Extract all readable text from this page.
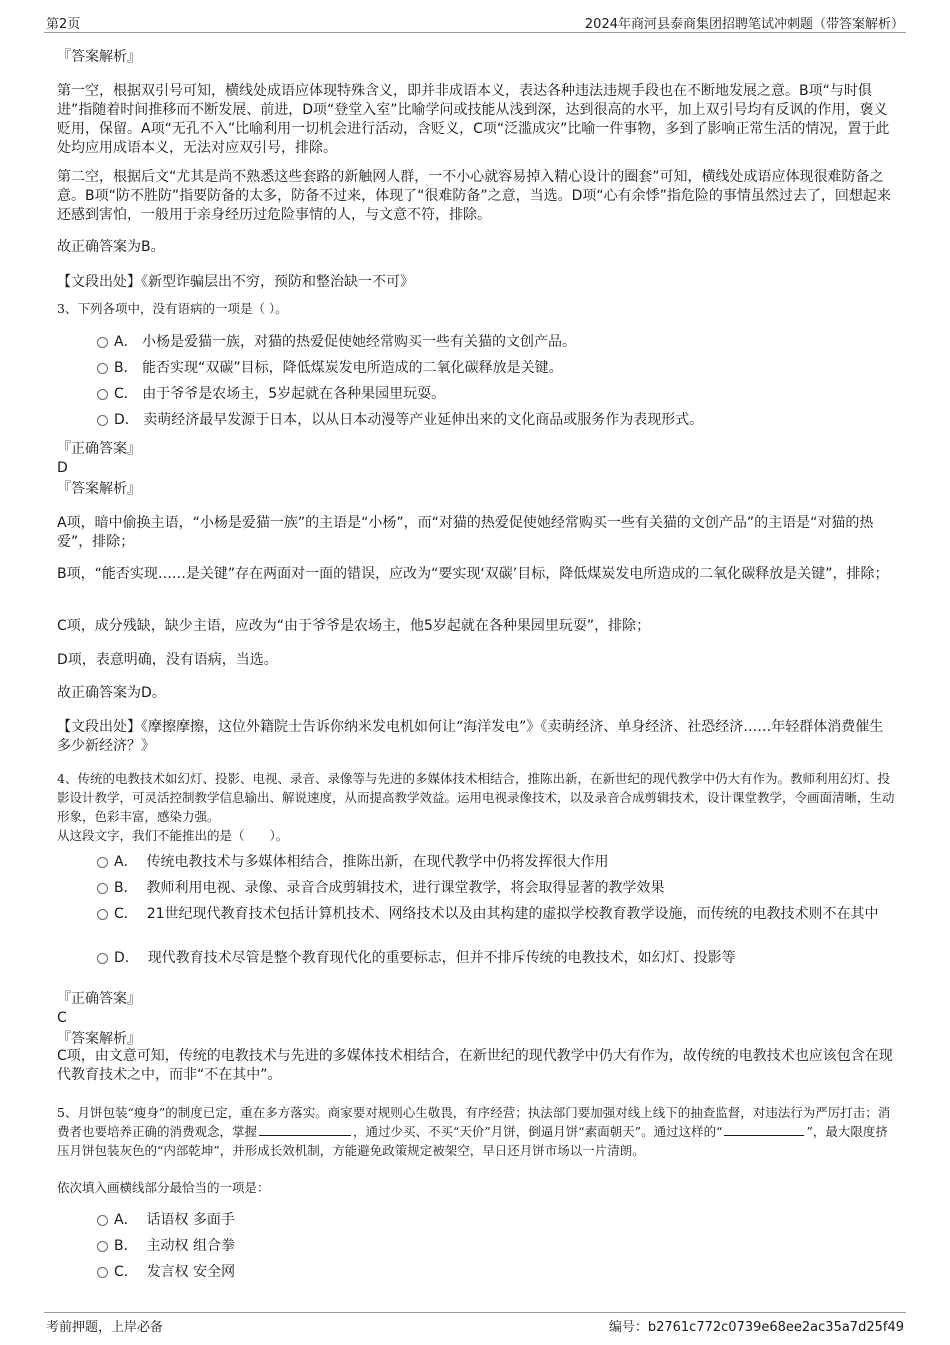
第2页	2024年商河县泰商集团招聘笔试冲刺题（带答案解析）
『答案解析』
第一空，根据双引号可知，横线处成语应体现特殊含义，即并非成语本义，表达各种违法违规手段也在不断地发展之意。B项“与时俱进”指随着时间推移而不断发展、前进，D项“登堂入室”比喻学问或技能从浅到深，达到很高的水平，加上双引号均有反讽的作用，褒义贬用，保留。A项“无孔不入”比喻利用一切机会进行活动，含贬义，C项“泛滥成灾”比喻一件事物，多到了影响正常生活的情况，置于此处均应用成语本义，无法对应双引号，排除。
第二空，根据后文“尤其是尚不熟悉这些套路的新触网人群，一不小心就容易掉入精心设计的圈套”可知，横线处成语应体现很难防备之意。B项“防不胜防”指要防备的太多，防备不过来，体现了“很难防备”之意，当选。D项“心有余悸”指危险的事情虽然过去了，回想起来还感到害怕，一般用于亲身经历过危险事情的人，与文意不符，排除。
故正确答案为B。
【文段出处】《新型诈骗层出不穷，预防和整治缺一不可》
3、下列各项中，没有语病的一项是（ ）。
A． 小杨是爱猫一族，对猫的热爱促使她经常购买一些有关猫的文创产品。
B． 能否实现“双碳”目标，降低煤炭发电所造成的二氧化碳释放是关键。
C． 由于爷爷是农场主，5岁起就在各种果园里玩耍。
D． 卖萌经济最早发源于日本，以从日本动漫等产业延伸出来的文化商品或服务作为表现形式。
『正确答案』
D
『答案解析』
A项，暗中偷换主语，“小杨是爱猫一族”的主语是“小杨”，而“对猫的热爱促使她经常购买一些有关猫的文创产品”的主语是“对猫的热爱”，排除；
B项，“能否实现……是关键”存在两面对一面的错误，应改为“要实现‘双碳’目标，降低煤炭发电所造成的二氧化碳释放是关键”，排除；
C项，成分残缺，缺少主语，应改为“由于爷爷是农场主，他5岁起就在各种果园里玩耍”，排除；
D项，表意明确，没有语病，当选。
故正确答案为D。
【文段出处】《摩擦摩擦，这位外籍院士告诉你纳米发电机如何让“海洋发电”》《卖萌经济、单身经济、社恐经济……年轻群体消费催生多少新经济？》
4、传统的电教技术如幻灯、投影、电视、录音、录像等与先进的多媒体技术相结合，推陈出新，在新世纪的现代教学中仍大有作为。教师利用幻灯、投影设计教学，可灵活控制教学信息输出、解说速度，从而提高教学效益。运用电视录像技术，以及录音合成剪辑技术，设计课堂教学，令画面清晰，生动形象，色彩丰富，感染力强。
从这段文字，我们不能推出的是（　　）。
A． 传统电教技术与多媒体相结合，推陈出新，在现代教学中仍将发挥很大作用
B． 教师利用电视、录像、录音合成剪辑技术，进行课堂教学，将会取得显著的教学效果
C． 21世纪现代教育技术包括计算机技术、网络技术以及由其构建的虚拟学校教育教学设施，而传统的电教技术则不在其中
D． 现代教育技术尽管是整个教育现代化的重要标志，但并不排斥传统的电教技术，如幻灯、投影等
『正确答案』
C
『答案解析』
C项，由文意可知，传统的电教技术与先进的多媒体技术相结合，在新世纪的现代教学中仍大有作为，故传统的电教技术也应该包含在现代教育技术之中，而非“不在其中”。
5、月饼包装“瘦身”的制度已定，重在多方落实。商家要对规则心生敬畏，有序经营；执法部门要加强对线上线下的抽查监督，对违法行为严厉打击；消费者也要培养正确的消费观念，掌握	，通过少买、不买“天价”月饼，倒逼月饼“素面朝天”。通过这样的“	”，最大限度挤压月饼包装灰色的“内部乾坤”，并形成长效机制，方能避免政策规定被架空，早日还月饼市场以一片清朗。
依次填入画横线部分最恰当的一项是：
A． 话语权 多面手
B． 主动权 组合拳
C． 发言权 安全网
考前押题，上岸必备	编号：b2761c772c0739e68ee2ac35a7d25f49
